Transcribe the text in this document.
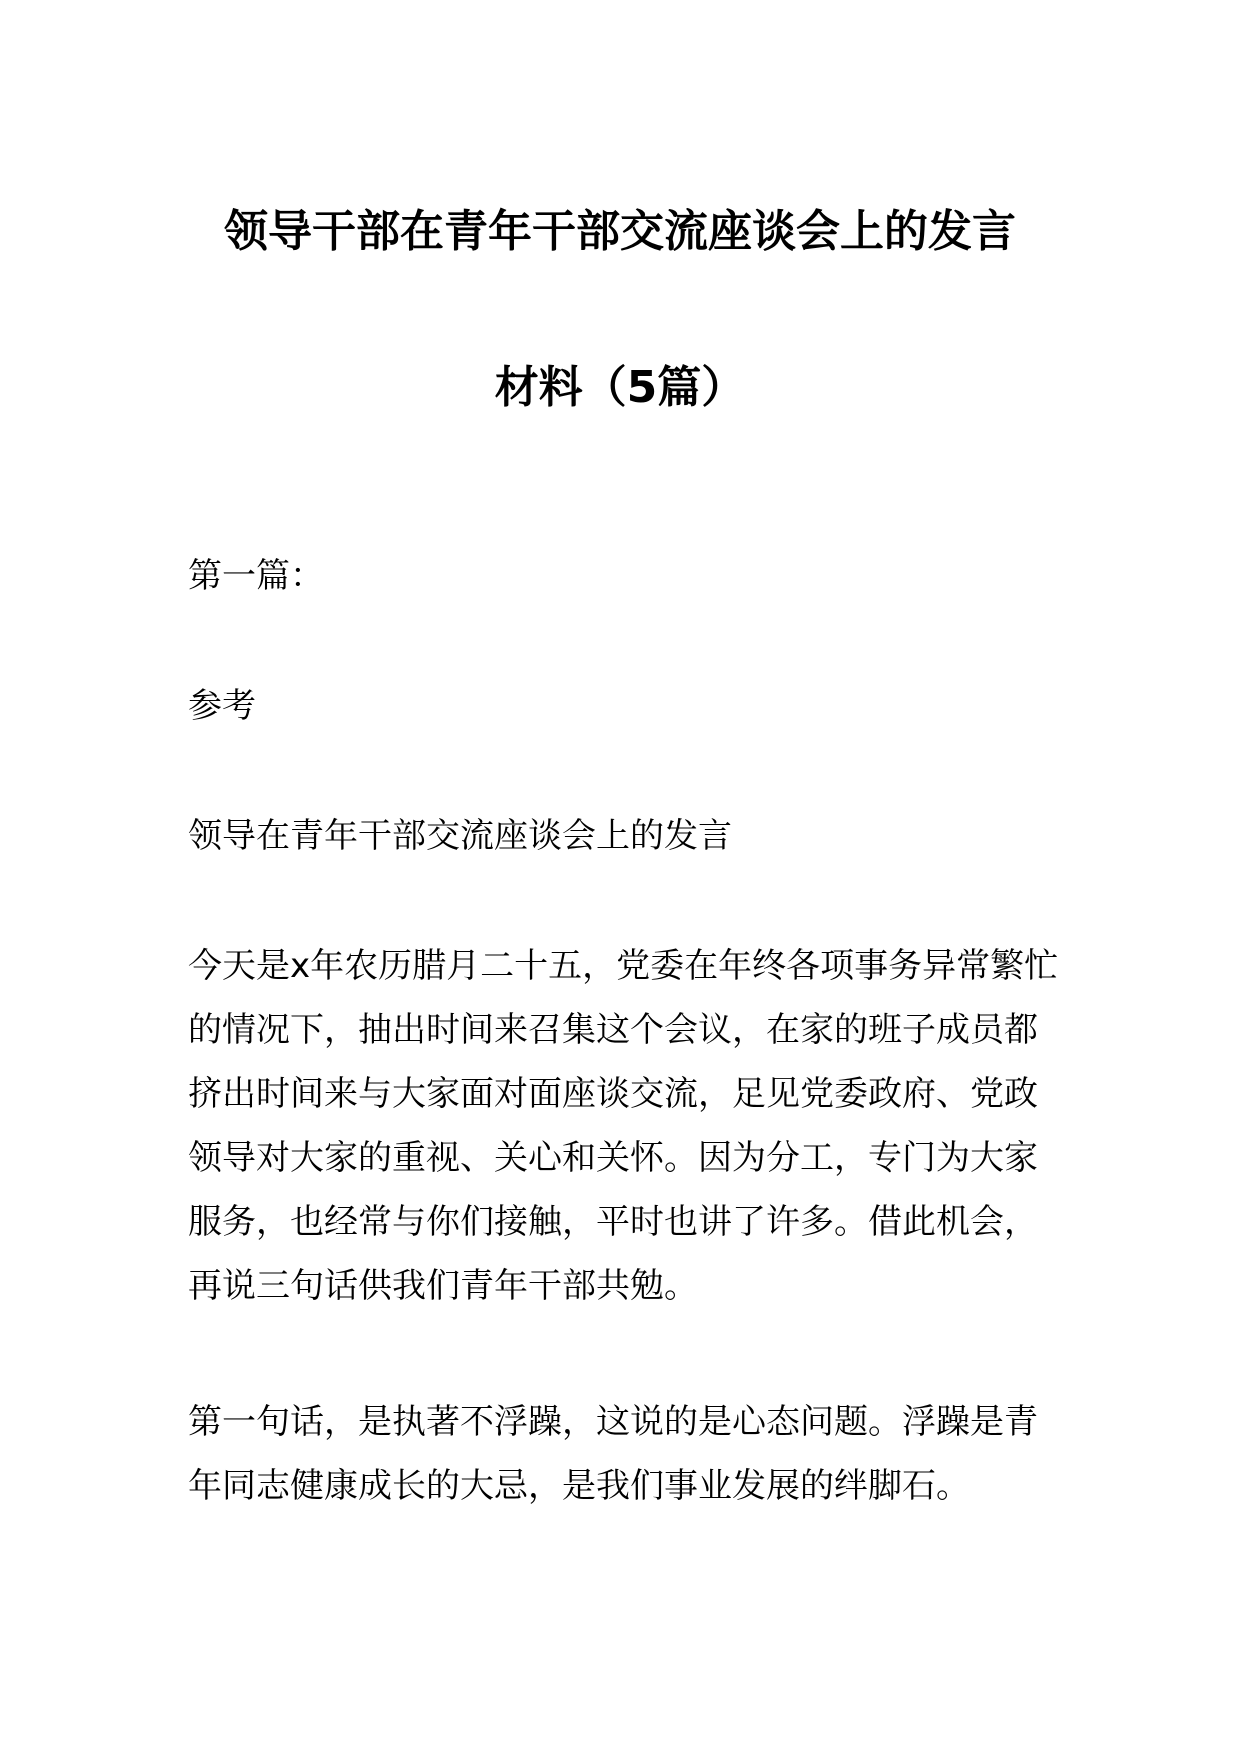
领导干部在青年干部交流座谈会上的发言
材料（5篇）

第一篇：

参考

领导在青年干部交流座谈会上的发言

今天是x年农历腊月二十五，党委在年终各项事务异常繁忙
的情况下，抽出时间来召集这个会议，在家的班子成员都
挤出时间来与大家面对面座谈交流，足见党委政府、党政
领导对大家的重视、关心和关怀。因为分工，专门为大家
服务，也经常与你们接触，平时也讲了许多。借此机会，
再说三句话供我们青年干部共勉。

第一句话，是执著不浮躁，这说的是心态问题。浮躁是青
年同志健康成长的大忌，是我们事业发展的绊脚石。
